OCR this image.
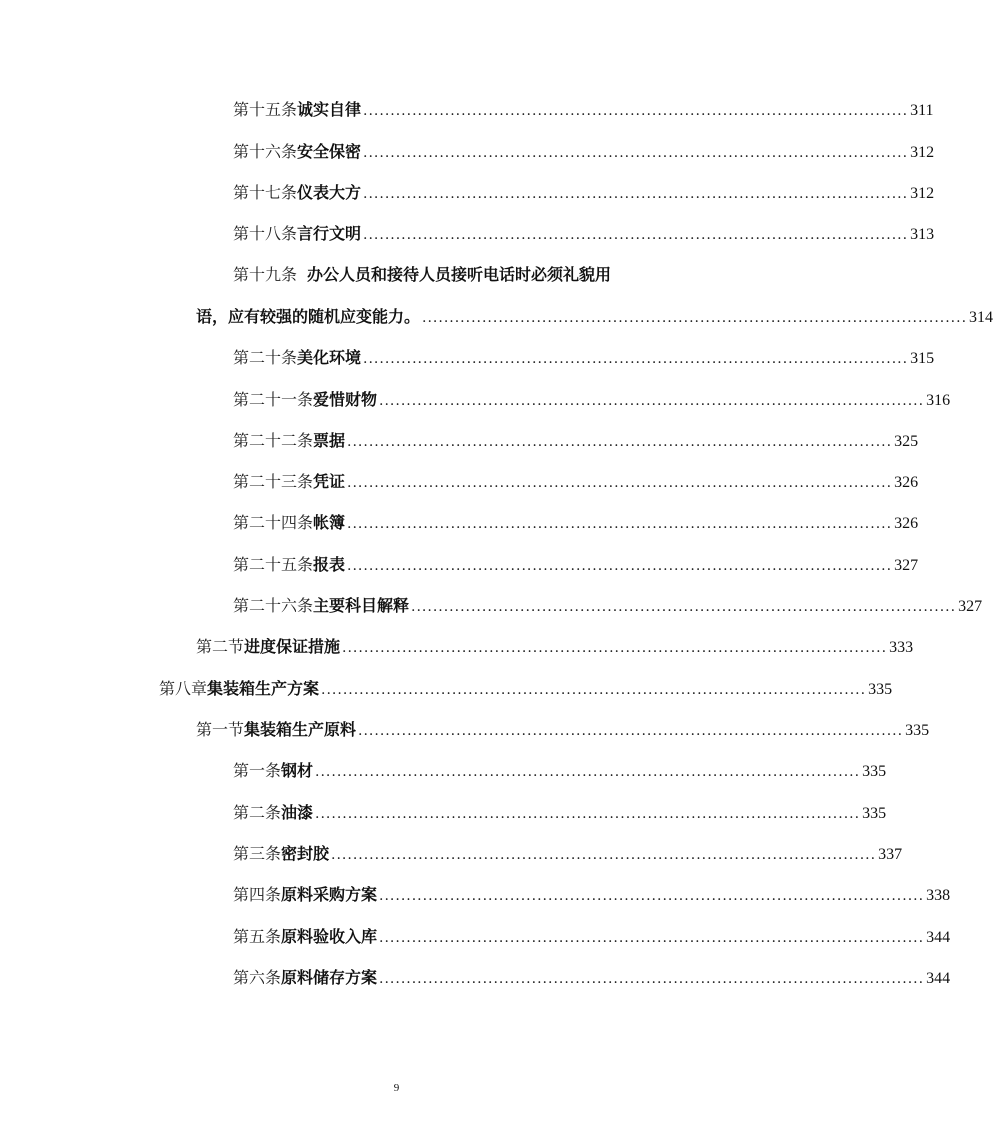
第十五条 诚实自律 .................................................................................................... 311
第十六条 安全保密 .................................................................................................... 312
第十七条 仪表大方 .................................................................................................... 312
第十八条 言行文明 .................................................................................................... 313
第十九条 办公人员和接待人员接听电话时必须礼貌用
语，应有较强的随机应变能力。 .................................................................................................... 314
第二十条 美化环境 .................................................................................................... 315
第二十一条 爱惜财物 .................................................................................................... 316
第二十二条 票据 .................................................................................................... 325
第二十三条 凭证 .................................................................................................... 326
第二十四条 帐簿 .................................................................................................... 326
第二十五条 报表 .................................................................................................... 327
第二十六条 主要科目解释 .................................................................................................... 327
第二节 进度保证措施 .................................................................................................... 333
第八章 集装箱生产方案 .................................................................................................... 335
第一节 集装箱生产原料 .................................................................................................... 335
第一条 钢材 .................................................................................................... 335
第二条 油漆 .................................................................................................... 335
第三条 密封胶 .................................................................................................... 337
第四条 原料采购方案 .................................................................................................... 338
第五条 原料验收入库 .................................................................................................... 344
第六条 原料储存方案 .................................................................................................... 344
9
